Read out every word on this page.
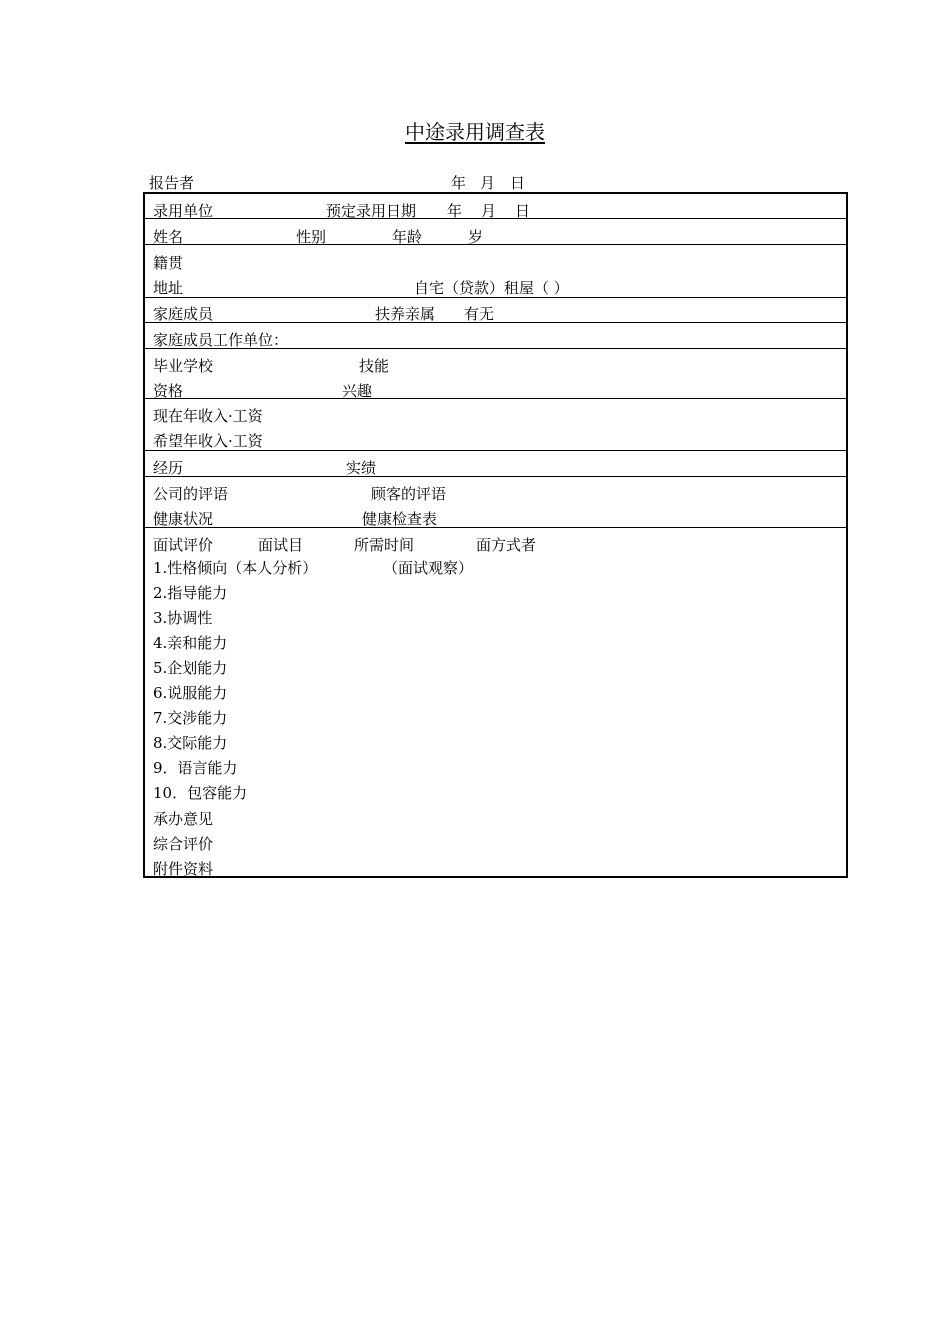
中途录用调查表
报告者	年 月 日
录用单位	预定录用日期 年 月 日
姓名	性别	年龄	岁
籍贯
地址	自宅（贷款）租屋（ ）
家庭成员	扶养亲属 有无
家庭成员工作单位：
毕业学校	技能
资格	兴趣
现在年收入·工资
希望年收入·工资
经历	实绩
公司的评语	顾客的评语
健康状况	健康检查表
面试评价	面试目	所需时间	面方式者
1.性格倾向（本人分析）	（面试观察）
2.指导能力
3.协调性
4.亲和能力
5.企划能力
6.说服能力
7.交涉能力
8.交际能力
9．语言能力
10．包容能力
承办意见
综合评价
附件资料
